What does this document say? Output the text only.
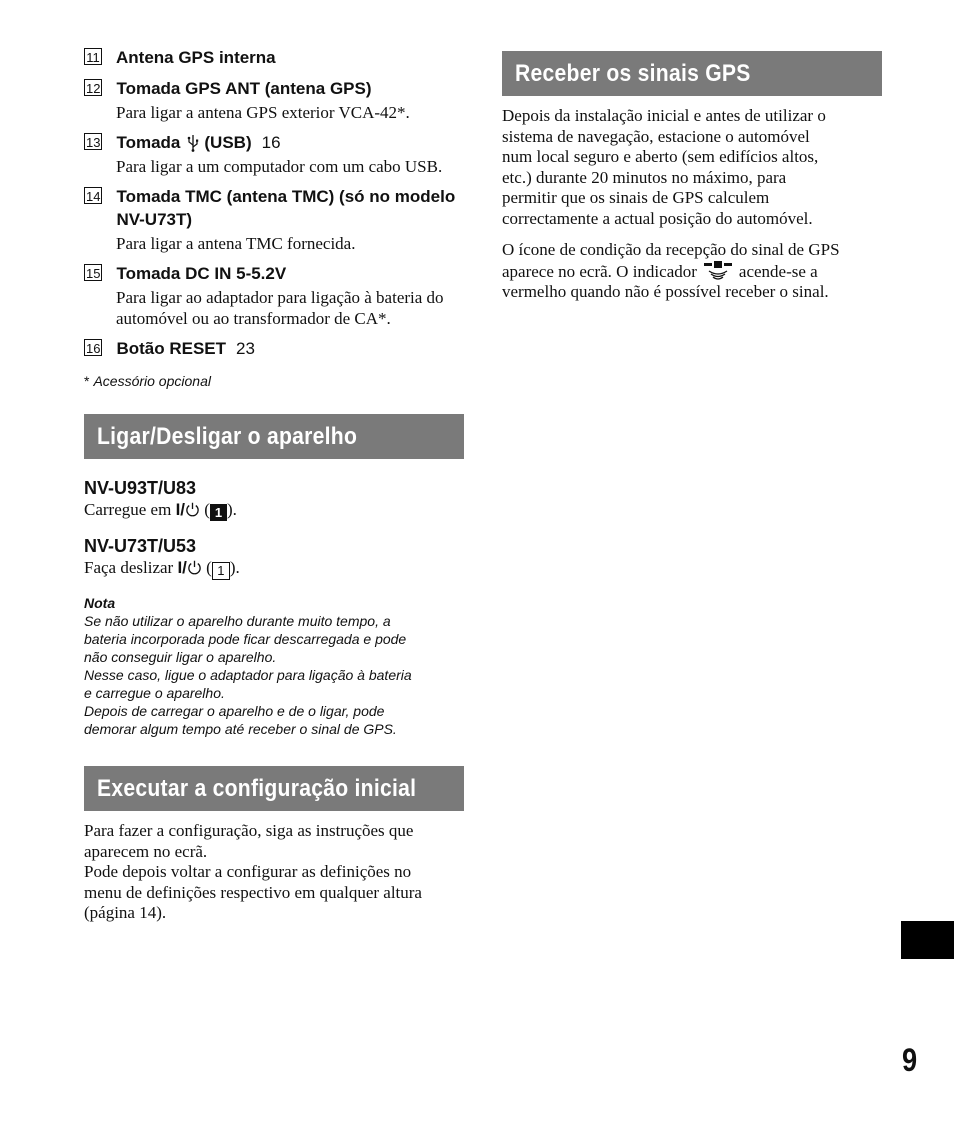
11 Antena GPS interna
12 Tomada GPS ANT (antena GPS)
Para ligar a antena GPS exterior VCA-42*.
13 Tomada (USB) 16
Para ligar a um computador com um cabo USB.
14 Tomada TMC (antena TMC) (só no modelo NV-U73T)
Para ligar a antena TMC fornecida.
15 Tomada DC IN 5-5.2V
Para ligar ao adaptador para ligação à bateria do automóvel ou ao transformador de CA*.
16 Botão RESET 23
* Acessório opcional
Ligar/Desligar o aparelho
NV-U93T/U83
Carregue em I/ ( 1 ).
NV-U73T/U53
Faça deslizar I/ ( 1 ).
Nota
Se não utilizar o aparelho durante muito tempo, a
bateria incorporada pode ficar descarregada e pode
não conseguir ligar o aparelho.
Nesse caso, ligue o adaptador para ligação à bateria
e carregue o aparelho.
Depois de carregar o aparelho e de o ligar, pode
demorar algum tempo até receber o sinal de GPS.
Executar a configuração inicial
Para fazer a configuração, siga as instruções que
aparecem no ecrã.
Pode depois voltar a configurar as definições no
menu de definições respectivo em qualquer altura
(página 14).
Receber os sinais GPS
Depois da instalação inicial e antes de utilizar o
sistema de navegação, estacione o automóvel
num local seguro e aberto (sem edifícios altos,
etc.) durante 20 minutos no máximo, para
permitir que os sinais de GPS calculem
correctamente a actual posição do automóvel.
O ícone de condição da recepção do sinal de GPS
aparece no ecrã. O indicador acende-se a
vermelho quando não é possível receber o sinal.
9
